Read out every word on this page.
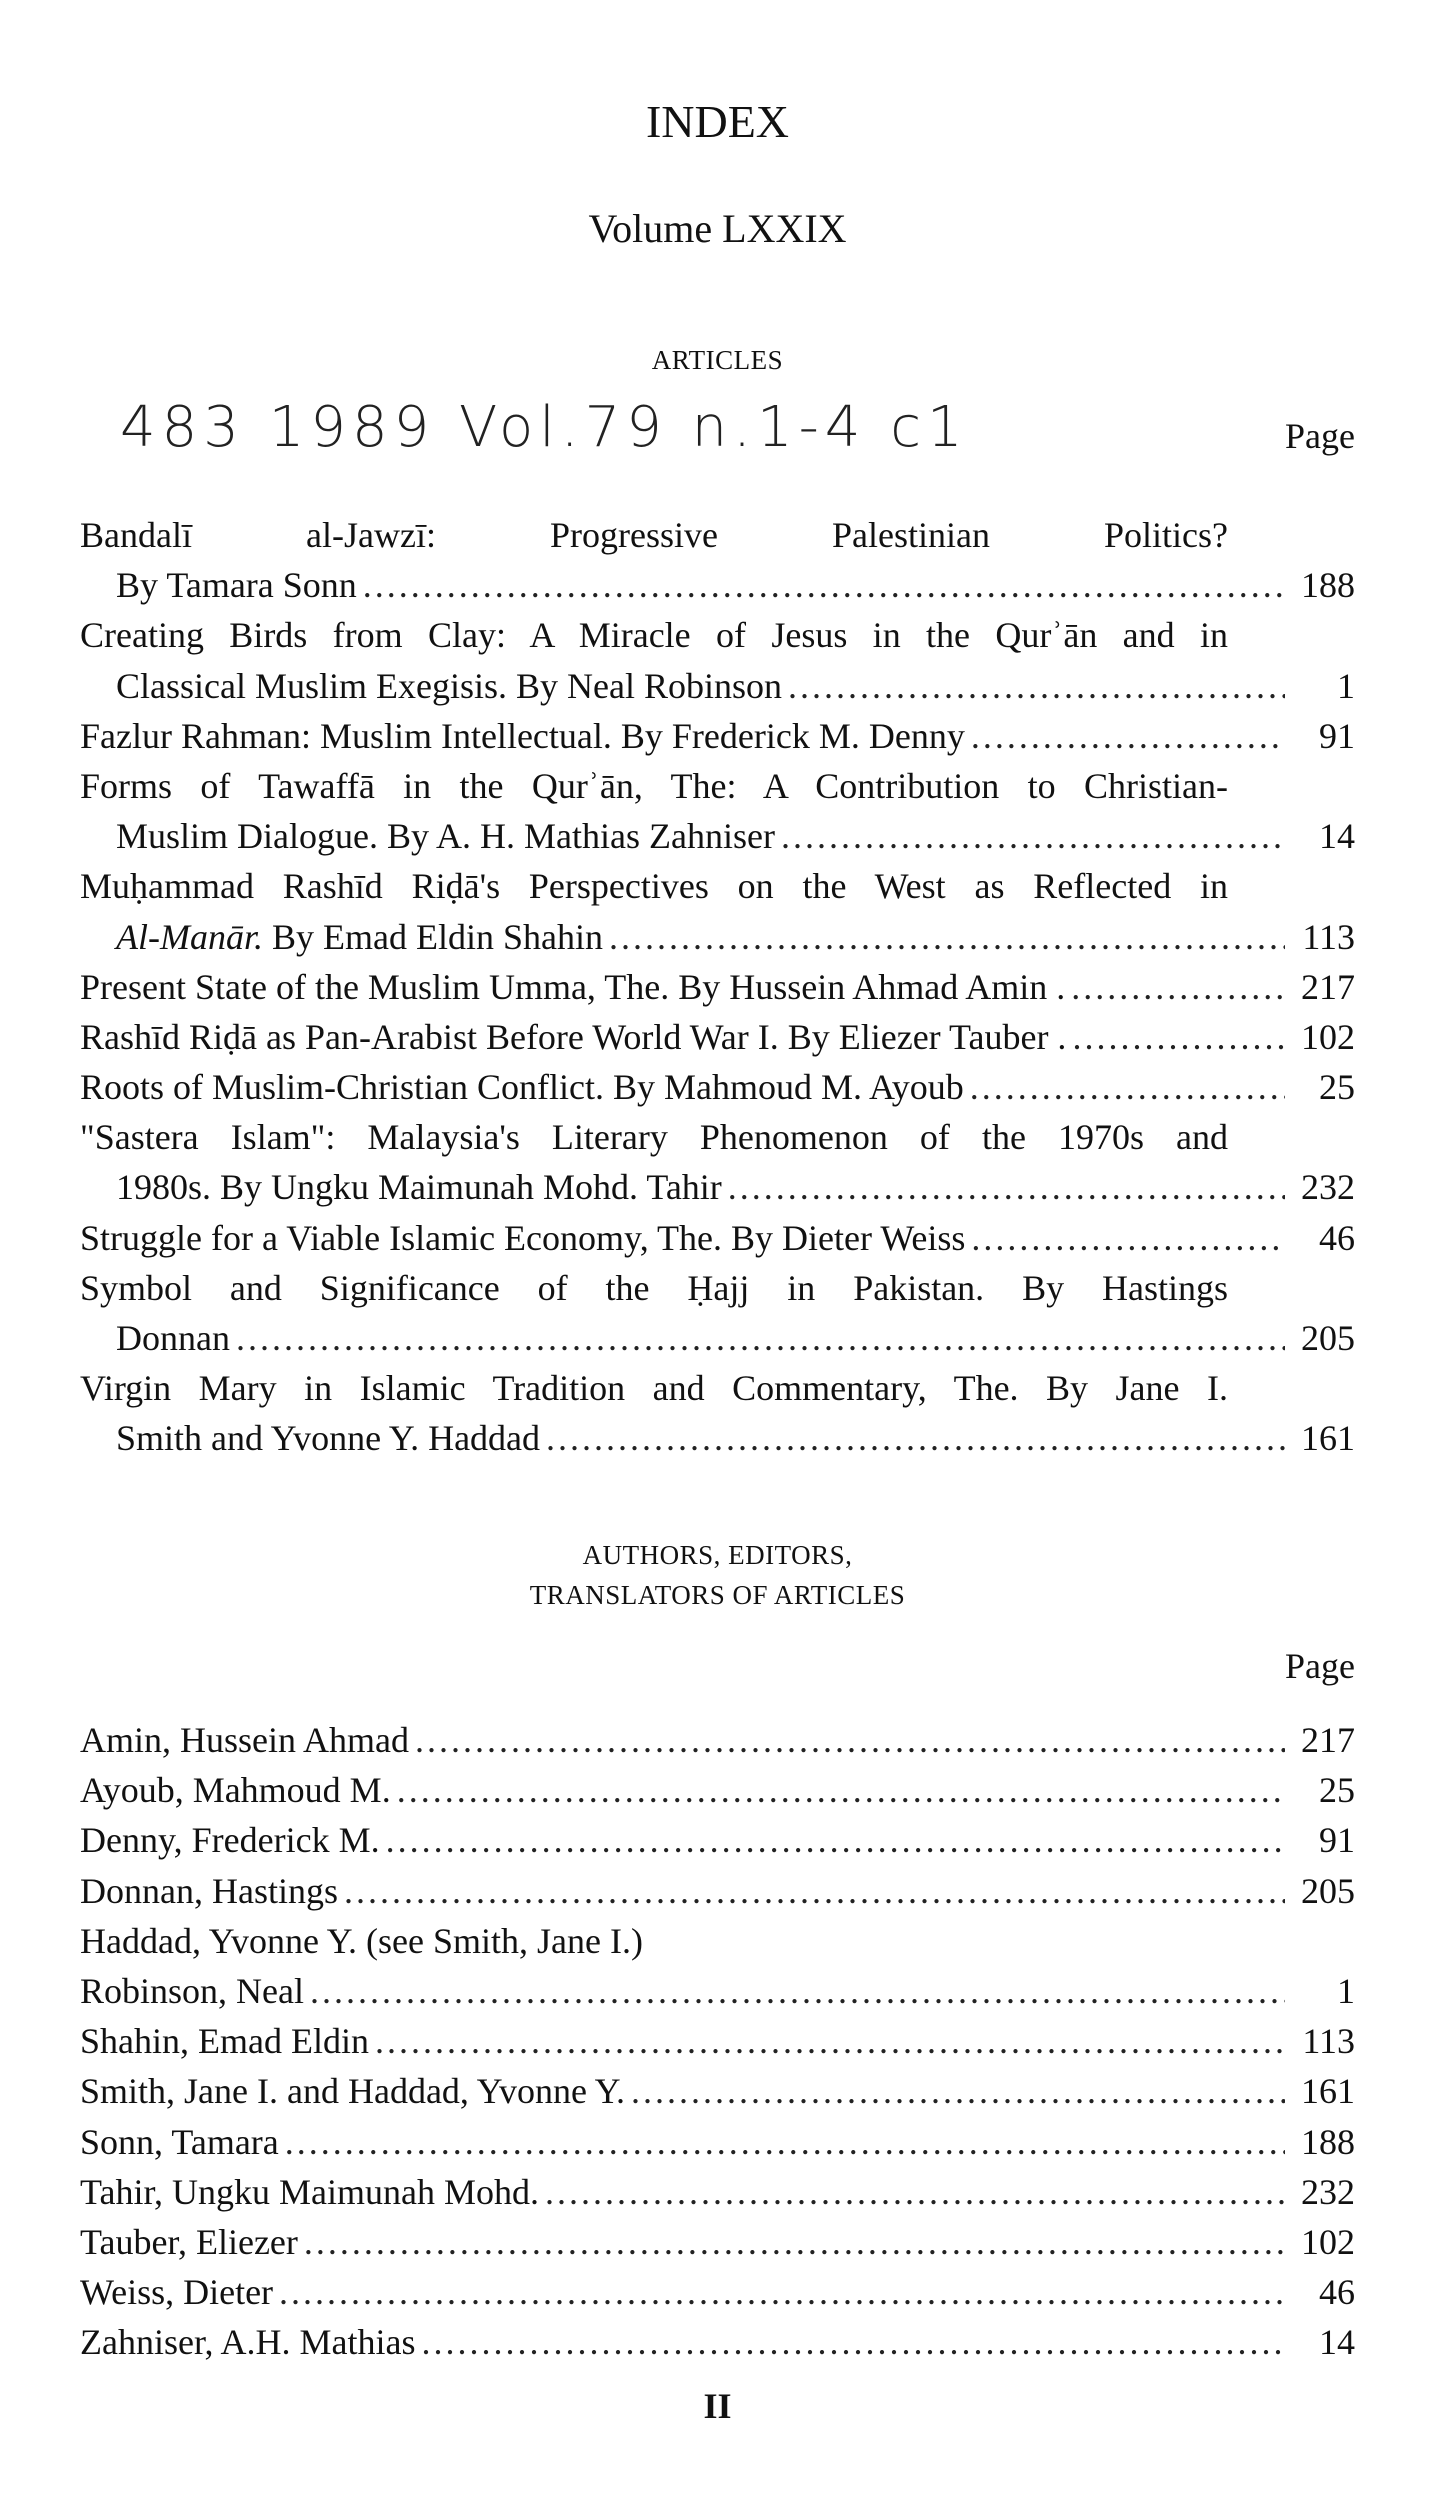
INDEX
Volume LXXIX
ARTICLES
483 1989 Vol.79 n.1-4 c1	Page
Bandalī al-Jawzī: Progressive Palestinian Politics?
By Tamara Sonn . . .	188
Creating Birds from Clay: A Miracle of Jesus in the Qurʾān and in
Classical Muslim Exegisis. By Neal Robinson . . .	1
Fazlur Rahman: Muslim Intellectual. By Frederick M. Denny . . .	91
Forms of Tawaffā in the Qurʾān, The: A Contribution to Christian-
Muslim Dialogue. By A. H. Mathias Zahniser . . .	14
Muḥammad Rashīd Riḍā's Perspectives on the West as Reflected in
Al-Manār. By Emad Eldin Shahin . . .	113
Present State of the Muslim Umma, The. By Hussein Ahmad Amin . . . .	217
Rashīd Riḍā as Pan-Arabist Before World War I. By Eliezer Tauber . . . .	102
Roots of Muslim-Christian Conflict. By Mahmoud M. Ayoub . . .	25
"Sastera Islam": Malaysia's Literary Phenomenon of the 1970s and
1980s. By Ungku Maimunah Mohd. Tahir . . .	232
Struggle for a Viable Islamic Economy, The. By Dieter Weiss . . .	46
Symbol and Significance of the Ḥajj in Pakistan. By Hastings
Donnan . . .	205
Virgin Mary in Islamic Tradition and Commentary, The. By Jane I.
Smith and Yvonne Y. Haddad . . .	161
AUTHORS, EDITORS,
TRANSLATORS OF ARTICLES
Page
Amin, Hussein Ahmad . . .	217
Ayoub, Mahmoud M. . . .	25
Denny, Frederick M. . . .	91
Donnan, Hastings . . .	205
Haddad, Yvonne Y. (see Smith, Jane I.)
Robinson, Neal . . .	1
Shahin, Emad Eldin . . .	113
Smith, Jane I. and Haddad, Yvonne Y. . . .	161
Sonn, Tamara . . .	188
Tahir, Ungku Maimunah Mohd. . . .	232
Tauber, Eliezer . . .	102
Weiss, Dieter . . .	46
Zahniser, A.H. Mathias . . .	14
II
